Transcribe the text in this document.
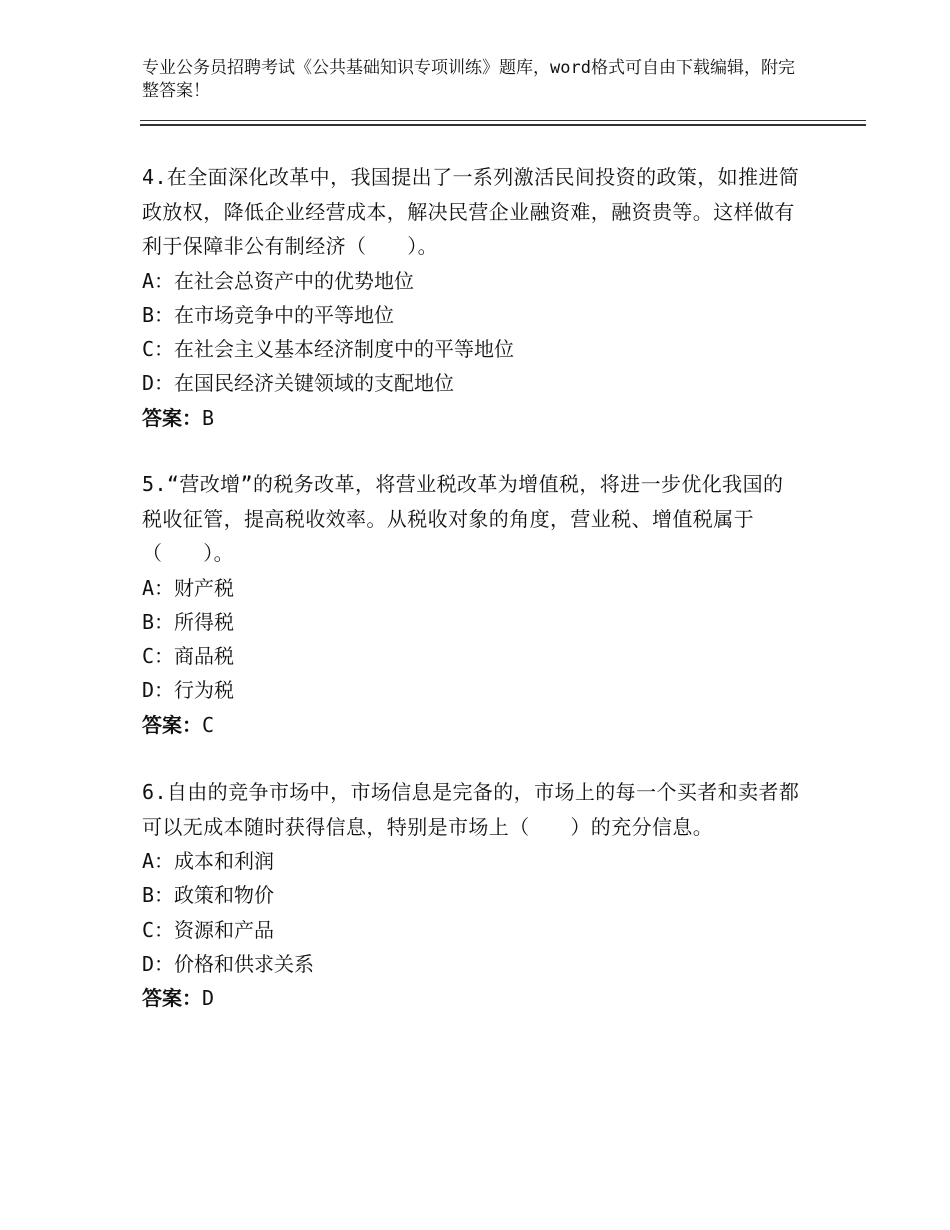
专业公务员招聘考试《公共基础知识专项训练》题库，word格式可自由下载编辑，附完整答案！

4.在全面深化改革中，我国提出了一系列激活民间投资的政策，如推进简政放权，降低企业经营成本，解决民营企业融资难，融资贵等。这样做有利于保障非公有制经济（　　）。

A：在社会总资产中的优势地位

B：在市场竞争中的平等地位

C：在社会主义基本经济制度中的平等地位

D：在国民经济关键领域的支配地位

答案：B

5.“营改增”的税务改革，将营业税改革为增值税，将进一步优化我国的税收征管，提高税收效率。从税收对象的角度，营业税、增值税属于（　　）。

A：财产税

B：所得税

C：商品税

D：行为税

答案：C

6.自由的竞争市场中，市场信息是完备的，市场上的每一个买者和卖者都可以无成本随时获得信息，特别是市场上（　　）的充分信息。

A：成本和利润

B：政策和物价

C：资源和产品

D：价格和供求关系

答案：D
